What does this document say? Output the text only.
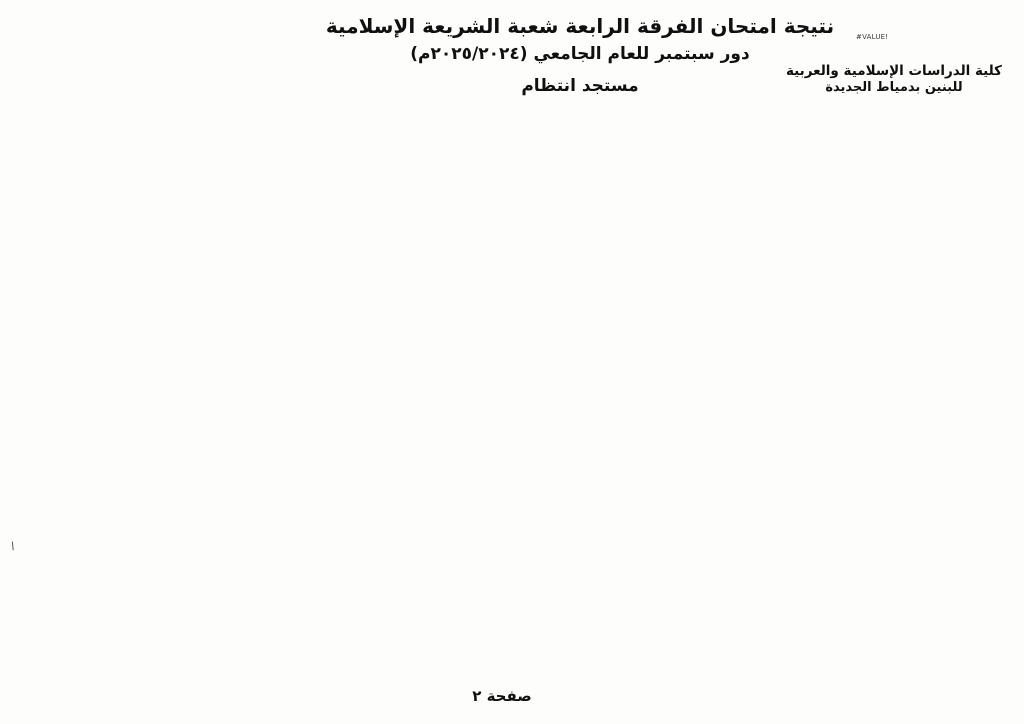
نتيجة امتحان الفرقة الرابعة شعبة الشريعة الإسلامية
دور سبتمبر للعام الجامعي (٢٠٢٥/٢٠٢٤م)
مستجد انتظام
#VALUE!
كلية الدراسات الإسلامية والعربية
للبنين بدمياط الجديدة
\
صفحة ٢
